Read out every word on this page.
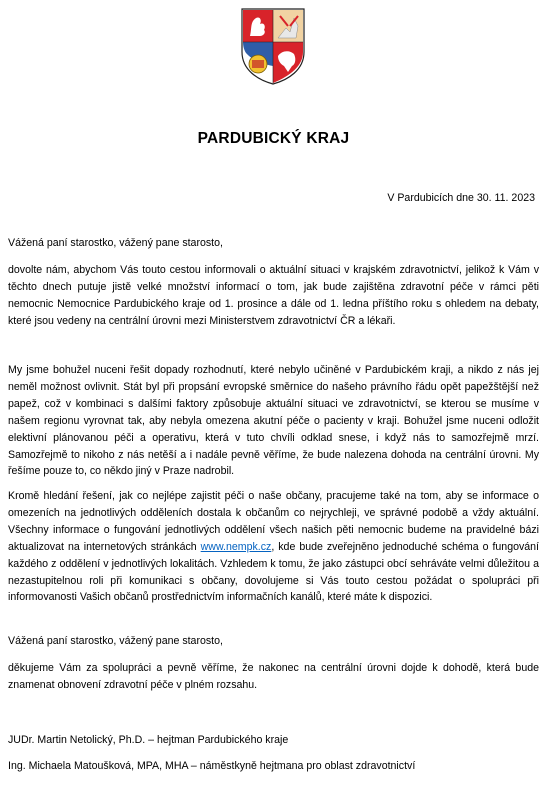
PARDUBICKÝ KRAJ
V Pardubicích dne 30. 11. 2023

Vážená paní starostko, vážený pane starosto,

dovolte nám, abychom Vás touto cestou informovali o aktuální situaci v krajském zdravotnictví, jelikož k Vám v těchto dnech putuje jistě velké množství informací o tom, jak bude zajištěna zdravotní péče v rámci pěti nemocnic Nemocnice Pardubického kraje od 1. prosince a dále od 1. ledna příštího roku s ohledem na debaty, které jsou vedeny na centrální úrovni mezi Ministerstvem zdravotnictví ČR a lékaři.

My jsme bohužel nuceni řešit dopady rozhodnutí, které nebylo učiněné v Pardubickém kraji, a nikdo z nás jej neměl možnost ovlivnit. Stát byl při propsání evropské směrnice do našeho právního řádu opět papežštější než papež, což v kombinaci s dalšími faktory způsobuje aktuální situaci ve zdravotnictví, se kterou se musíme v našem regionu vyrovnat tak, aby nebyla omezena akutní péče o pacienty v kraji. Bohužel jsme nuceni odložit elektivní plánovanou péči a operativu, která v tuto chvíli odklad snese, i když nás to samozřejmě mrzí. Samozřejmě to nikoho z nás netěší a i nadále pevně věříme, že bude nalezena dohoda na centrální úrovni. My řešíme pouze to, co někdo jiný v Praze nadrobil.

Kromě hledání řešení, jak co nejlépe zajistit péči o naše občany, pracujeme také na tom, aby se informace o omezeních na jednotlivých odděleních dostala k občanům co nejrychleji, ve správné podobě a vždy aktuální. Všechny informace o fungování jednotlivých oddělení všech našich pěti nemocnic budeme na pravidelné bázi aktualizovat na internetových stránkách www.nempk.cz, kde bude zveřejněno jednoduché schéma o fungování každého z oddělení v jednotlivých lokalitách. Vzhledem k tomu, že jako zástupci obcí sehráváte velmi důležitou a nezastupitelnou roli při komunikaci s občany, dovolujeme si Vás touto cestou požádat o spolupráci při informovanosti Vašich občanů prostřednictvím informačních kanálů, které máte k dispozici.

Vážená paní starostko, vážený pane starosto,

děkujeme Vám za spolupráci a pevně věříme, že nakonec na centrální úrovni dojde k dohodě, která bude znamenat obnovení zdravotní péče v plném rozsahu.

JUDr. Martin Netolický, Ph.D. – hejtman Pardubického kraje
Ing. Michaela Matoušková, MPA, MHA – náměstkyně hejtmana pro oblast zdravotnictví
